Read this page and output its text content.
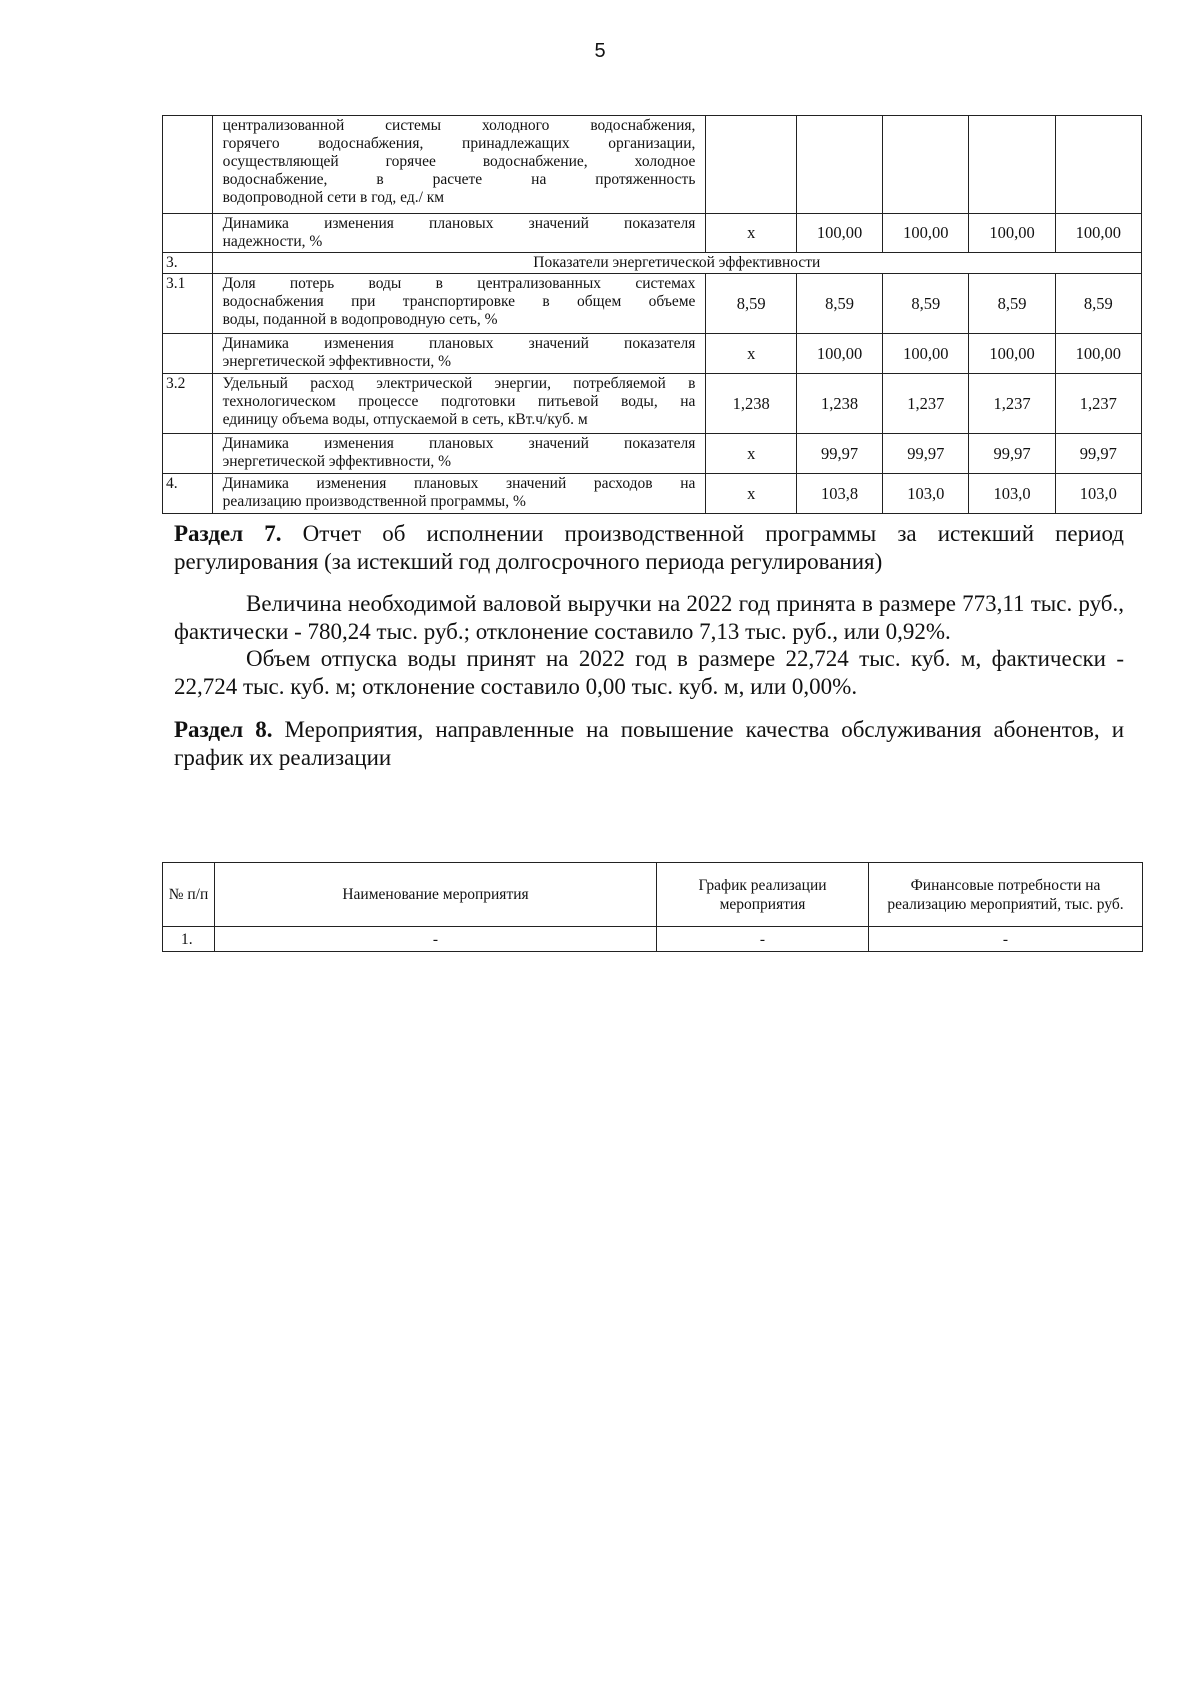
5

	централизованной системы холодного водоснабжения,
горячего водоснабжения, принадлежащих организации,
осуществляющей горячее водоснабжение, холодное
водоснабжение, в расчете на протяженность
водопроводной сети в год, ед./ км					

	Динамика изменения плановых значений показателя
надежности, %	x	100,00	100,00	100,00	100,00
3.	Показатели энергетической эффективности					
3.1	Доля потерь воды в централизованных системах
водоснабжения при транспортировке в общем объеме
воды, поданной в водопроводную сеть, %	8,59	8,59	8,59	8,59	8,59

	Динамика изменения плановых значений показателя
энергетической эффективности, %	x	100,00	100,00	100,00	100,00
3.2	Удельный расход электрической энергии, потребляемой в
технологическом процессе подготовки питьевой воды, на
единицу объема воды, отпускаемой в сеть, кВт.ч/куб. м	1,238	1,238	1,237	1,237	1,237

	Динамика изменения плановых значений показателя
энергетической эффективности, %	x	99,97	99,97	99,97	99,97
4.	Динамика изменения плановых значений расходов на
реализацию производственной программы, %	x	103,8	103,0	103,0	103,0
Раздел 7. Отчет об исполнении производственной программы за истекший период регулирования (за истекший год долгосрочного периода регулирования)
Величина необходимой валовой выручки на 2022 год принята в размере 773,11 тыс. руб., фактически - 780,24 тыс. руб.; отклонение составило 7,13 тыс. руб., или 0,92%.
Объем отпуска воды принят на 2022 год в размере 22,724 тыс. куб. м, фактически - 22,724 тыс. куб. м; отклонение составило 0,00 тыс. куб. м, или 0,00%.
Раздел 8. Мероприятия, направленные на повышение качества обслуживания абонентов, и график их реализации
№ п/п	Наименование мероприятия	График реализации мероприятия	Финансовые потребности на реализацию мероприятий, тыс. руб.
1.	-	-	-
